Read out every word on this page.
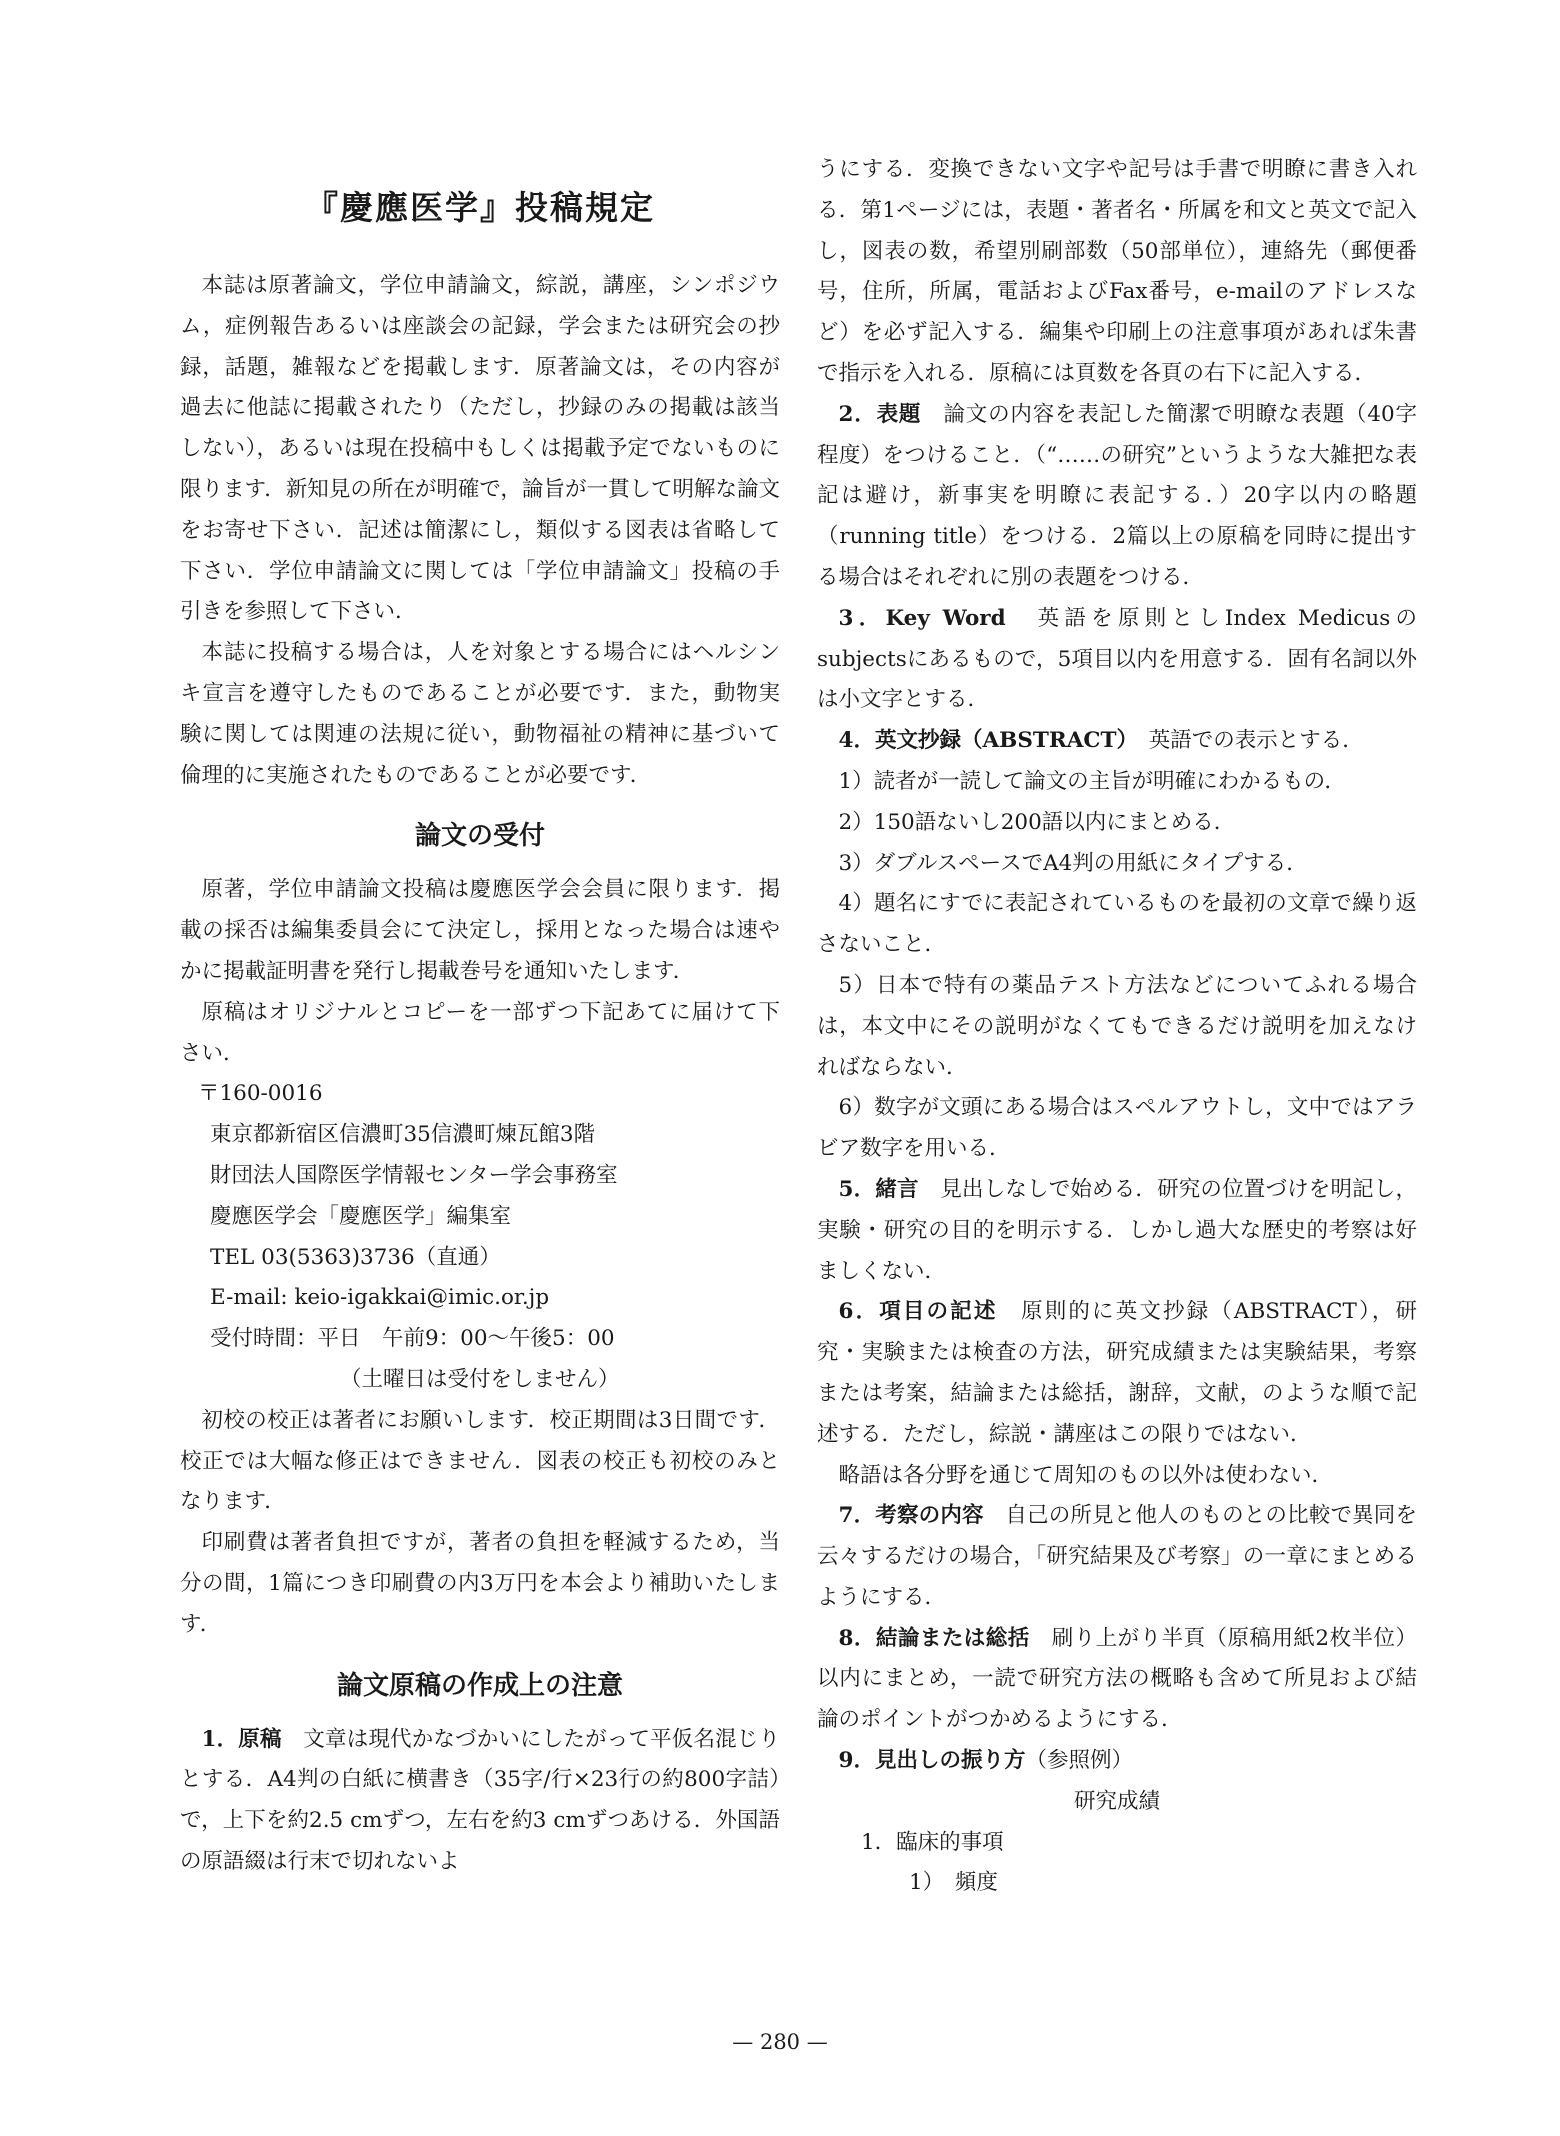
『慶應医学』投稿規定

本誌は原著論文，学位申請論文，綜説，講座，シンポジウム，症例報告あるいは座談会の記録，学会または研究会の抄録，話題，雑報などを掲載します．原著論文は，その内容が過去に他誌に掲載されたり（ただし，抄録のみの掲載は該当しない），あるいは現在投稿中もしくは掲載予定でないものに限ります．新知見の所在が明確で，論旨が一貫して明解な論文をお寄せ下さい．記述は簡潔にし，類似する図表は省略して下さい．学位申請論文に関しては「学位申請論文」投稿の手引きを参照して下さい．

本誌に投稿する場合は，人を対象とする場合にはヘルシンキ宣言を遵守したものであることが必要です．また，動物実験に関しては関連の法規に従い，動物福祉の精神に基づいて倫理的に実施されたものであることが必要です．

論文の受付

原著，学位申請論文投稿は慶應医学会会員に限ります．掲載の採否は編集委員会にて決定し，採用となった場合は速やかに掲載証明書を発行し掲載巻号を通知いたします．

原稿はオリジナルとコピーを一部ずつ下記あてに届けて下さい．

〒160-0016
東京都新宿区信濃町35信濃町煉瓦館3階
財団法人国際医学情報センター学会事務室
慶應医学会「慶應医学」編集室
TEL 03(5363)3736（直通）
E-mail: keio-igakkai@imic.or.jp
受付時間：平日　午前9：00〜午後5：00
（土曜日は受付をしません）

初校の校正は著者にお願いします．校正期間は3日間です．校正では大幅な修正はできません．図表の校正も初校のみとなります．

印刷費は著者負担ですが，著者の負担を軽減するため，当分の間，1篇につき印刷費の内3万円を本会より補助いたします．

論文原稿の作成上の注意

1．原稿　 文章は現代かなづかいにしたがって平仮名混じりとする．A4判の白紙に横書き（35字/行×23行の約800字詰）で，上下を約2.5 cmずつ，左右を約3 cmずつあける．外国語の原語綴は行末で切れないよ

うにする．変換できない文字や記号は手書で明瞭に書き入れる．第1ページには，表題・著者名・所属を和文と英文で記入し，図表の数，希望別刷部数（50部単位），連絡先（郵便番号，住所，所属，電話およびFax番号，e-mailのアドレスなど）を必ず記入する．編集や印刷上の注意事項があれば朱書で指示を入れる．原稿には頁数を各頁の右下に記入する．

2．表題　 論文の内容を表記した簡潔で明瞭な表題（40字程度）をつけること．（“……の研究”というような大雑把な表記は避け，新事実を明瞭に表記する．）20字以内の略題（running title）をつける．2篇以上の原稿を同時に提出する場合はそれぞれに別の表題をつける．

3．Key Word　 英語を原則としIndex Medicusのsubjectsにあるもので，5項目以内を用意する．固有名詞以外は小文字とする．

4．英文抄録（ABSTRACT）　 英語での表示とする．

1）読者が一読して論文の主旨が明確にわかるもの．

2）150語ないし200語以内にまとめる．

3）ダブルスペースでA4判の用紙にタイプする．

4）題名にすでに表記されているものを最初の文章で繰り返さないこと．

5）日本で特有の薬品テスト方法などについてふれる場合は，本文中にその説明がなくてもできるだけ説明を加えなければならない．

6）数字が文頭にある場合はスペルアウトし，文中ではアラビア数字を用いる．

5．緒言　 見出しなしで始める．研究の位置づけを明記し，実験・研究の目的を明示する．しかし過大な歴史的考察は好ましくない．

6．項目の記述　 原則的に英文抄録（ABSTRACT），研究・実験または検査の方法，研究成績または実験結果，考察または考案，結論または総括，謝辞，文献，のような順で記述する．ただし，綜説・講座はこの限りではない．

略語は各分野を通じて周知のもの以外は使わない．

7．考察の内容　 自己の所見と他人のものとの比較で異同を云々するだけの場合，「研究結果及び考察」の一章にまとめるようにする．

8．結論または総括　 刷り上がり半頁（原稿用紙2枚半位）以内にまとめ，一読で研究方法の概略も含めて所見および結論のポイントがつかめるようにする．

9．見出しの振り方（参照例）

研究成績
1．臨床的事項
1）　頻度
— 280 —
